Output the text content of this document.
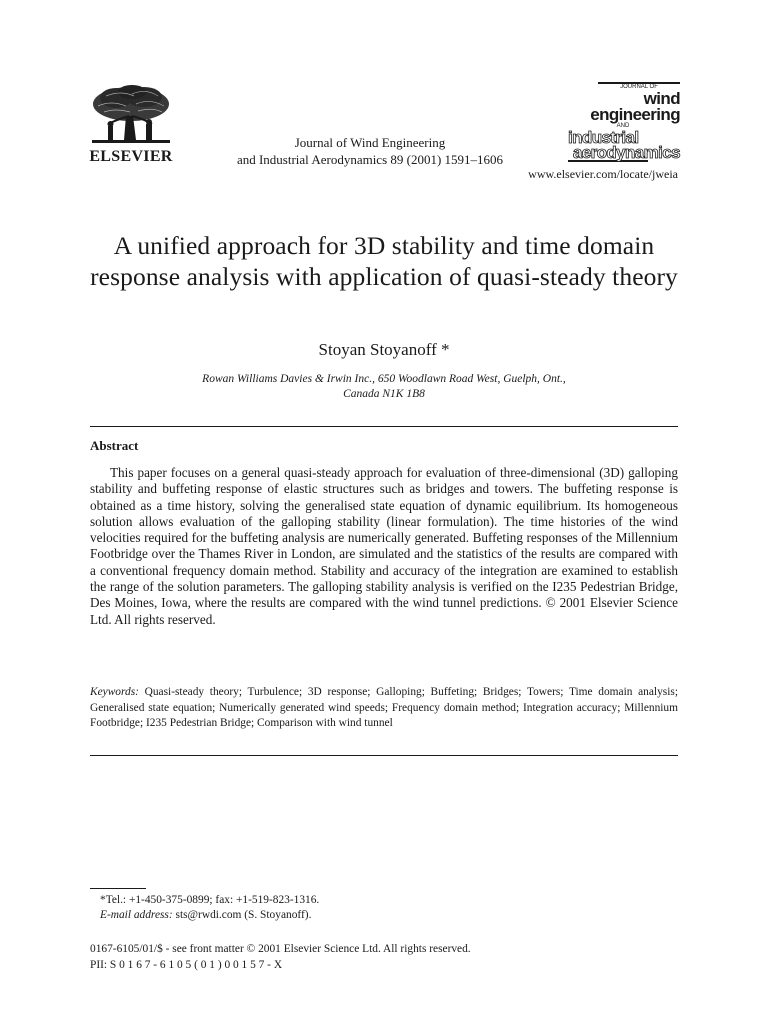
ELSEVIER
Journal of Wind Engineering
and Industrial Aerodynamics 89 (2001) 1591–1606
JOURNAL OF
wind engineering
AND
industrial
aerodynamics
www.elsevier.com/locate/jweia
A unified approach for 3D stability and time domain response analysis with application of quasi-steady theory
Stoyan Stoyanoff *
Rowan Williams Davies & Irwin Inc., 650 Woodlawn Road West, Guelph, Ont.,
Canada N1K 1B8
Abstract

This paper focuses on a general quasi-steady approach for evaluation of three-dimensional (3D) galloping stability and buffeting response of elastic structures such as bridges and towers. The buffeting response is obtained as a time history, solving the generalised state equation of dynamic equilibrium. Its homogeneous solution allows evaluation of the galloping stability (linear formulation). The time histories of the wind velocities required for the buffeting analysis are numerically generated. Buffeting responses of the Millennium Footbridge over the Thames River in London, are simulated and the statistics of the results are compared with a conventional frequency domain method. Stability and accuracy of the integration are examined to establish the range of the solution parameters. The galloping stability analysis is verified on the I235 Pedestrian Bridge, Des Moines, Iowa, where the results are compared with the wind tunnel predictions. © 2001 Elsevier Science Ltd. All rights reserved.

Keywords: Quasi-steady theory; Turbulence; 3D response; Galloping; Buffeting; Bridges; Towers; Time domain analysis; Generalised state equation; Numerically generated wind speeds; Frequency domain method; Integration accuracy; Millennium Footbridge; I235 Pedestrian Bridge; Comparison with wind tunnel

*Tel.: +1-450-375-0899; fax: +1-519-823-1316.
E-mail address: sts@rwdi.com (S. Stoyanoff).
0167-6105/01/$ - see front matter © 2001 Elsevier Science Ltd. All rights reserved.
PII: S 0 1 6 7 - 6 1 0 5 ( 0 1 ) 0 0 1 5 7 - X
